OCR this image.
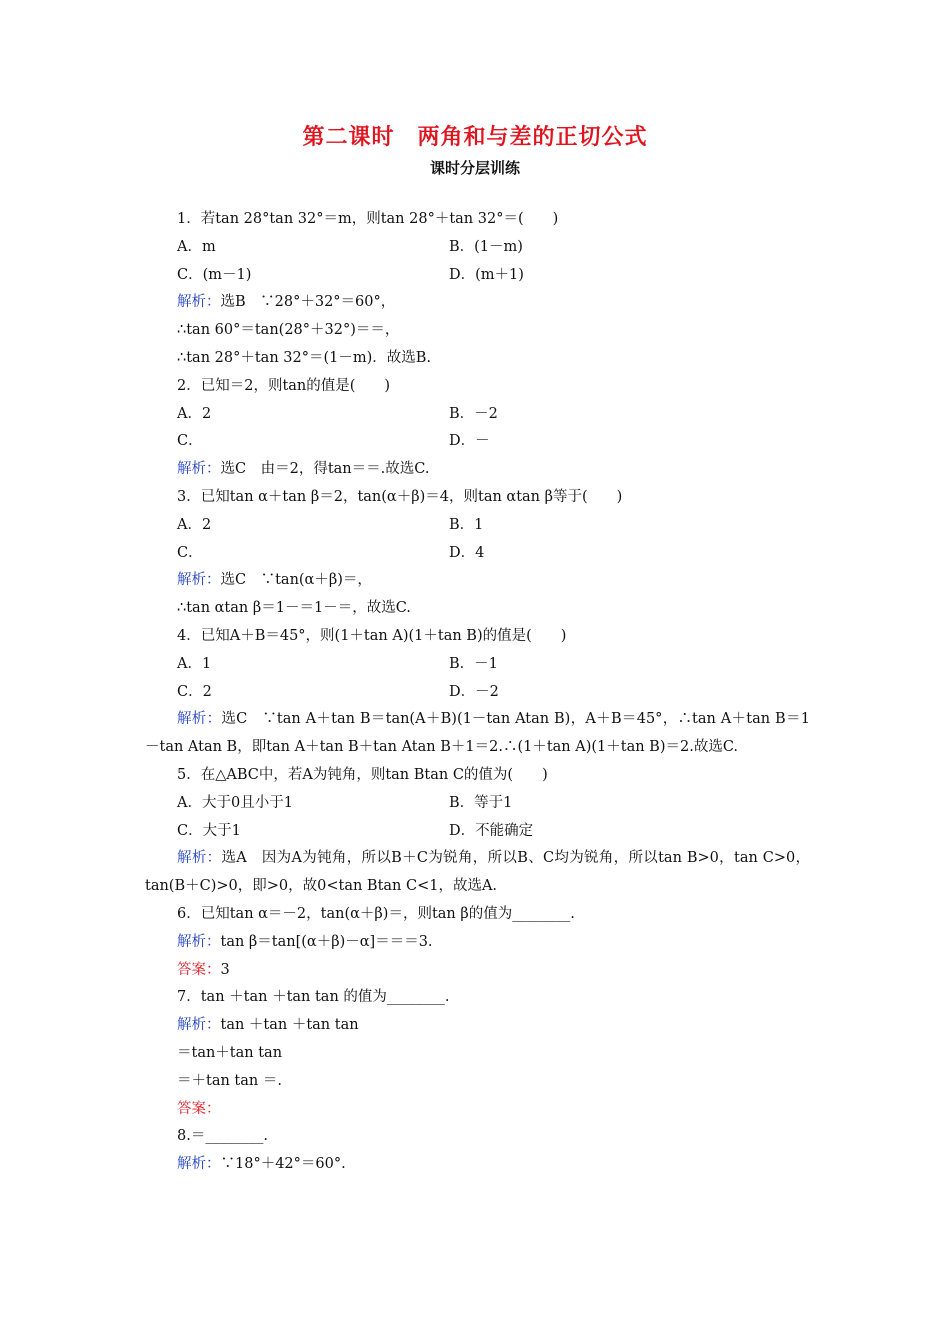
第二课时　两角和与差的正切公式
课时分层训练
1．若tan 28°tan 32°＝m，则tan 28°＋tan 32°＝(　　)
A．m	B．(1－m)
C．(m－1)	D．(m＋1)
解析：选B　∵28°＋32°＝60°，
∴tan 60°＝tan(28°＋32°)＝＝，
∴tan 28°＋tan 32°＝(1－m)．故选B.
2．已知＝2，则tan的值是(　　)
A．2	B．－2
C．	D．－
解析：选C　由＝2，得tan＝＝.故选C.
3．已知tan α＋tan β＝2，tan(α＋β)＝4，则tan αtan β等于(　　)
A．2	B．1
C．	D．4
解析：选C　∵tan(α＋β)＝，
∴tan αtan β＝1－＝1－＝，故选C.
4．已知A＋B＝45°，则(1＋tan A)(1＋tan B)的值是(　　)
A．1	B．－1
C．2	D．－2
解析：选C　∵tan A＋tan B＝tan(A＋B)(1－tan Atan B)，A＋B＝45°，∴tan A＋tan B＝1－tan Atan B，即tan A＋tan B＋tan Atan B＋1＝2.∴(1＋tan A)(1＋tan B)＝2.故选C.
5．在△ABC中，若A为钝角，则tan Btan C的值为(　　)
A．大于0且小于1	B．等于1
C．大于1	D．不能确定
解析：选A　因为A为钝角，所以B＋C为锐角，所以B、C均为锐角，所以tan B>0，tan C>0，tan(B＋C)>0，即>0，故0<tan Btan C<1，故选A.
6．已知tan α＝－2，tan(α＋β)＝，则tan β的值为________.
解析：tan β＝tan[(α＋β)－α]＝＝＝3.
答案：3
7．tan ＋tan ＋tan tan 的值为________.
解析：tan ＋tan ＋tan tan
＝tan＋tan tan
＝＋tan tan ＝.
答案：
8.＝________.
解析：∵18°＋42°＝60°.
